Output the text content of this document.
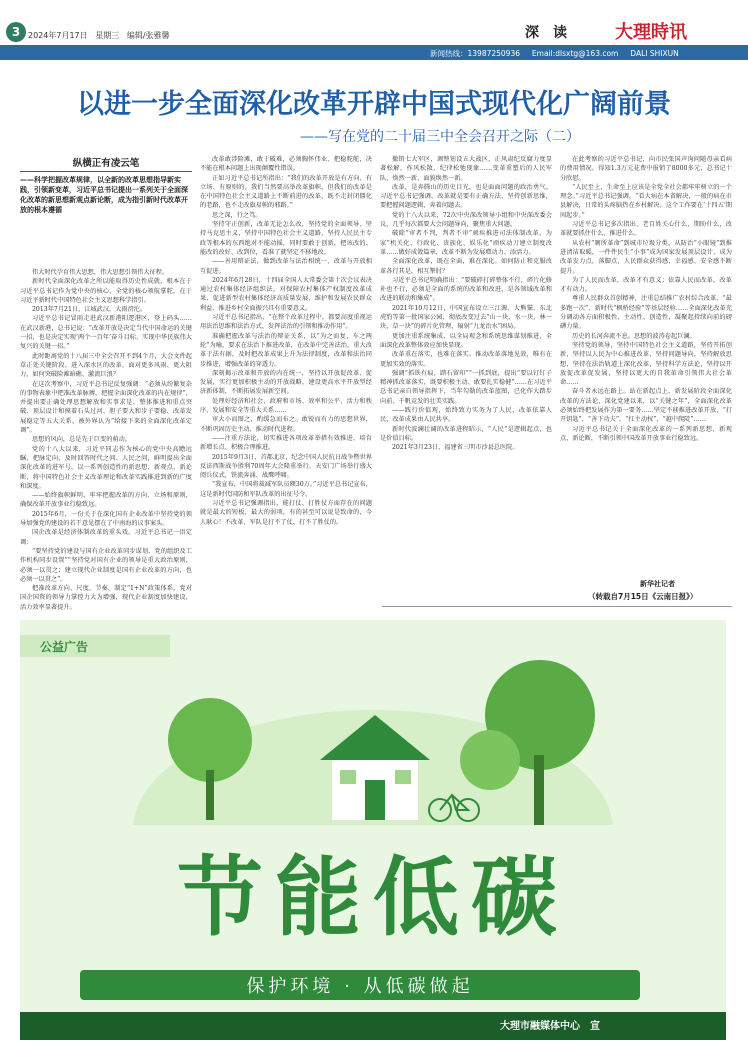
3 2024年7月17日 星期三 编辑/张雅馨	深　读	大理時讯
新闻热线：13987250936 Email:dlsxtg@163.com DALI SHIXUN
以进一步全面深化改革开辟中国式现代化广阔前景
——写在党的二十届三中全会召开之际（二）
纵横正有凌云笔
——科学把握改革规律，以全新的改革思想指导新实践，引领新变革，习近平总书记提出一系列关于全面深化改革的新思想新观点新论断，成为指引新时代改革开放的根本遵循

伟大时代孕育伟大思想，伟大思想引领伟大征程。

新时代全面深化改革之所以能取得历史性成就，根本在于习近平总书记作为党中央的核心、全党的核心领航掌舵，在于习近平新时代中国特色社会主义思想科学指引。

2013年7月21日，江城武汉，大雨滂沱。

习近平总书记冒雨走进武汉新港阳逻港区，登上码头……在武汉新港，总书记说：“改革开放是决定当代中国命运的关键一招，也是决定实现‘两个一百年’奋斗目标、实现中华民族伟大复兴的关键一招。”

此时距离党的十八届三中全会召开不到4个月，大会文件起草正处关键阶段。进入深水区的改革，面对更多风雨、更大阻力，如何突破险滩暗礁、激流巨浪？

在这次考察中，习近平总书记反复强调：“必须从纷繁复杂的事物表象中把准改革脉搏，把握全面深化改革的内在规律”，并提出要正确处理思想解放和实事求是、整体推进和重点突破、顶层设计和摸着石头过河、胆子要大和步子要稳、改革发展稳定等五大关系，被外界认为“给接下来的全面深化改革定调”。

思想的风向，总是先于巨变的萌动。

党的十八大以来，习近平同志作为核心的党中央高瞻远瞩、把脉定向，及时回答时代之问、人民之问，鲜明提出全面深化改革的进军号，以一系列创造性的新思想、新观点、新论断，将中国特色社会主义改革理论和改革实践推进到新的广度和深度。

——始终旗帜鲜明，牢牢把握改革的方向、立场和原则，确保改革开放事业行稳致远。

2015年6月，一份关于在深化国有企业改革中坚持党的领导加强党的建设的若干意见摆在了中南海的议事案头。

国企改革是经济体制改革的重头戏。习近平总书记一语定调：

“要坚持党的建设与国有企业改革同步谋划、党的组织及工作机构同步设置”“坚持党对国有企业的领导是重大政治原则，必须一以贯之；建立现代企业制度是国有企业改革的方向，也必须一以贯之”。

把准改革方向、尺度、节奏，制定“1+N”政策体系，党对国企国资的领导力掌控力大为增强，现代企业制度加快建设，活力效率显著提升。

改革敢涉险滩，敢于破难，必须胸怀伟业、把稳舵舵，决不能在根本问题上出现颠覆性错误。

正如习近平总书记所指出：“我们的改革开放是有方向、有立场、有原则的。我们当然要高举改革旗帜，但我们的改革是在中国特色社会主义道路上不断前进的改革，既不走封闭僵化的老路，也不走改旗易帜的邪路。”

思之深，行之笃。

坚持守正创新，改革无论怎么改，坚持党的全面领导、坚持马克思主义、坚持中国特色社会主义道路、坚持人民民主专政等根本的东西绝对不能动摇，同时要敢于创新，把该改的、能改的改好、改到位，看准了就坚定不移地改。

——善用辩证法，做到改革与法治相统一、改革与开放相互促进。

2024年6月28日，十四届全国人大常委会第十次会议表决通过农村集体经济组织法，对保障农村集体产权制度改革成果、促进新型农村集体经济高质量发展、维护和发展农民群众利益、推进乡村全面振兴具有重要意义。

习近平总书记指出，“在整个改革过程中，都要高度重视运用法治思维和法治方式，发挥法治的引领和推动作用”。

准确把握改革与法治的辩证关系，以“为之而复，车之两轮”为喻，要求在法治下推进改革，在改革中完善法治，重大改革于法有据，及时把改革成果上升为法律制度，改革和法治同步推进，增强改革的穿透力。

深刻揭示改革和开放的内在统一，坚持以开放促改革、促发展，实行更加积极主动的开放战略，建设更高水平开放型经济新体制，不断拓展发展新空间。

处理好经济和社会、政府和市场、效率和公平、活力和秩序、发展和安全等重大关系……

审大小而图之，酌缓急而布之。敢锐而有力的思想世界，不断巩固历史主动、推动时代进程。

——注重方法论，切实推进各项改革举措有效推进、培育新增长点、积极合理推进。

2015年9月3日，首都北京，纪念中国人民抗日战争暨世界反法西斯战争胜利70周年大会隆重举行，天安门广场举行盛大阅兵仪式，铁流奔涌、战鹰呼啸。

“我宣布，中国将裁减军队员额30万。”习近平总书记宣布，这是新时代国防和军队改革的出征号令。

习近平总书记强调指出，能打仗、打胜仗方面存在的问题就是最大的短板，最大的弱项，有的甚至可以说是致命的，今人耿心！不改革，军队是打不了仗、打不了胜仗的。

撤销七大军区，调整划设五大战区，正风肃纪反腐力度显著松解，作风松散、纪律松弛现象……变革重塑后的人民军队，焕然一新，面貌焕然一新。

改革，是奔腾山的历史目光，也是面面问题的政治勇气。习近平总书记强调，改革就是要有正确方法，坚持创新思维，要把握问题逻辑，奔着问题去。

党的十八大以来，72次中央深改领导小组和中央深改委会议，几乎每次都要大会问题导向，聚焦重大问题。

破除“审者不判，判者不审”顽疾推进司法体制改革，为家“机关化、行政化、贵族化、娱乐化”顽疾动刀建立制度改革……做好成敛篇章，改革不断为发展增动力、添活力。

全面深化改革，既在全面，难在深化。如何防止和克服改革各行其是，相互掣肘？

习近平总书记明确指出：“要破碎打碎整体不行，碎片化修补也不行，必须是全面的系统的改革和改进，是各领域改革和改进的联动和集成”。

2021年10月12日，中国宣布设立三江源、大熊猫、东北虎豹等第一批国家公园，彻底改变过去“山一块、水一块、林一块、草一块”的碎片化管理，辐射“九龙治水”困局。

更加注重系统集成，以全局观念和系统思维谋划推进，全面深化改革整体效应加快显现。

改革重在落实，也难在落实。推动改革落地见效，唯有在更加实效的落实。

强调“抓铁有痕，踏石留印”“一抓到底，提出”要以钉钉子精神抓改革落实，既要积极主动、敢要扎实稳健”……在习近平总书记亲自领导指挥下，当年勾勒的改革蓝图，已化作大踏步向前、千帆竞发的壮美实践。

——践行价值观，始终致力实务为了人民、改革依靠人民，改革成果由人民共享。

新时代波澜壮阔的改革进程昭示，“人民”是逻辑起点，也是价值目标。

2021年3月23日，福建省三明市沙县总医院。

在此考察的习近平总书记，向市民张国声询问随母亲看病的费用情况。得知1.3万元花费中报销了8000多元，总书记十分欣慰。

“人民至上，生命至上应该是全党全社会都牢牢树立的一个理念。”习近平总书记强调，“看大病在本省解决，一般的病在市县解决，日常的头疼脑热在乡村解决。这个工作要在‘十四五’期间起步。”

习近平总书记多次指出，老百姓关心什么，期盼什么，改革就要抓住什么、推进什么。

从农村“厕所革命”到城市垃圾分类，从防治“小眼镜”到推进清洁取暖，一件件民生“小事”成为国家发展顶层设计，成为改革发力点，落脚点，人民群众获得感、幸福感、安全感不断提升。

为了人民而改革，改革才有意义；依靠人民而改革，改革才有动力。

尊重人民群众首创精神，注重总结推广农村综合改革、“最多跑一次”、新时代“枫桥经验”等基层经验……全面深化改革充分调动各方面积极性、主动性、创造性，凝聚起持续向前的磅礴力量。

历史的长河奔流不息。思想的波涛卷起巨澜。

坚持党的领导，坚持中国特色社会主义道路，坚持开拓创新，坚持以人民为中心推进改革，坚持问题导向，坚持解放思想，坚持在法治轨道上深化改革，坚持科学方法论，坚持以开放促改革促发展，坚持以更大的自我革命引领伟大社会革命……

奋斗者永远在路上。站在新起点上，新发展阶段全面深化改革的方法论，深化党建以来，以“关键之年”，全面深化改革必须始终把发展作为第一要务……坚定不移推进改革开放，“打开钥匙”，“善下功夫”，“扛主动权”，“越中爬陡”……

习近平总书记关于全面深化改革的一系列新思想、新观点、新论断，不断引领中国改革开放事业行稳致远。

新华社记者
（转载自7月15日《云南日报》）

公益广告
节能低碳
保护环境 · 从低碳做起
大理市融媒体中心　宣
